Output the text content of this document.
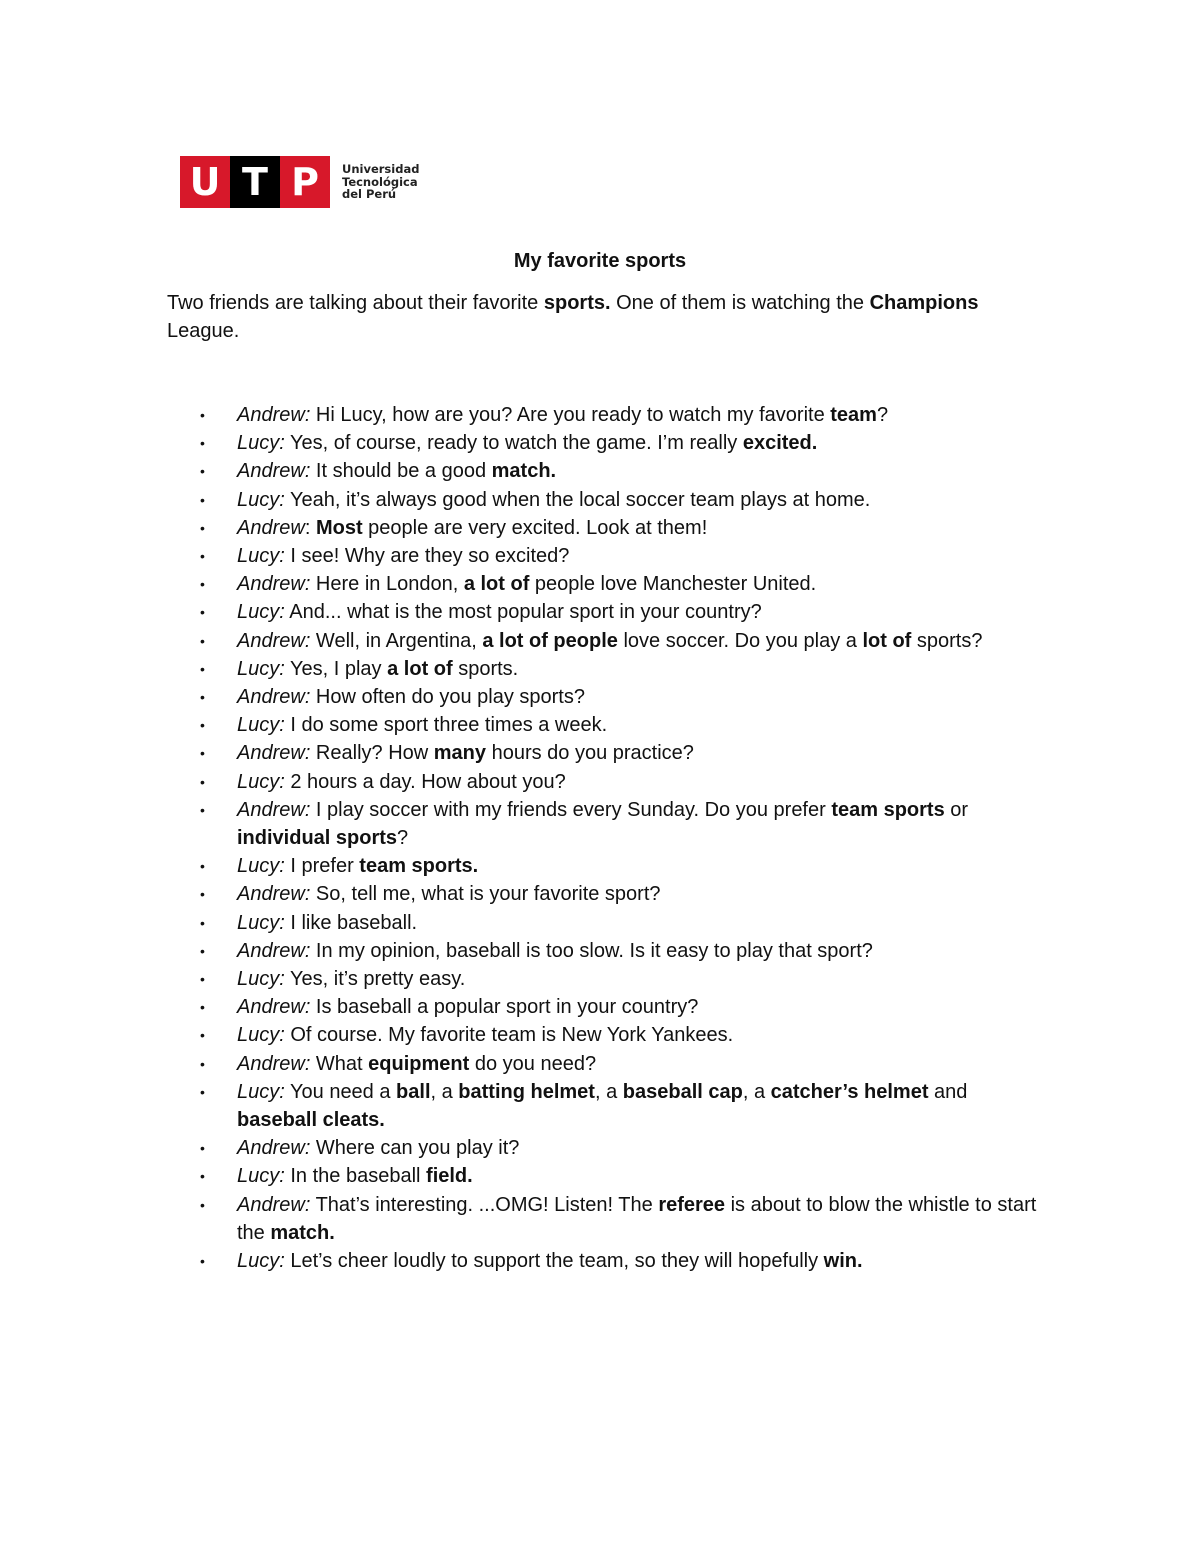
U T P	Universidad
Tecnológica
del Perú
My favorite sports
Two friends are talking about their favorite sports. One of them is watching the Champions League.
• Andrew: Hi Lucy, how are you? Are you ready to watch my favorite team?
• Lucy: Yes, of course, ready to watch the game. I’m really excited.
• Andrew: It should be a good match.
• Lucy: Yeah, it’s always good when the local soccer team plays at home.
• Andrew: Most people are very excited. Look at them!
• Lucy: I see! Why are they so excited?
• Andrew: Here in London, a lot of people love Manchester United.
• Lucy: And... what is the most popular sport in your country?
• Andrew: Well, in Argentina, a lot of people love soccer. Do you play a lot of sports?
• Lucy: Yes, I play a lot of sports.
• Andrew: How often do you play sports?
• Lucy: I do some sport three times a week.
• Andrew: Really? How many hours do you practice?
• Lucy: 2 hours a day. How about you?
• Andrew: I play soccer with my friends every Sunday. Do you prefer team sports or individual sports?
• Lucy: I prefer team sports.
• Andrew: So, tell me, what is your favorite sport?
• Lucy: I like baseball.
• Andrew: In my opinion, baseball is too slow. Is it easy to play that sport?
• Lucy: Yes, it’s pretty easy.
• Andrew: Is baseball a popular sport in your country?
• Lucy: Of course. My favorite team is New York Yankees.
• Andrew: What equipment do you need?
• Lucy: You need a ball, a batting helmet, a baseball cap, a catcher’s helmet and baseball cleats.
• Andrew: Where can you play it?
• Lucy: In the baseball field.
• Andrew: That’s interesting. ...OMG! Listen! The referee is about to blow the whistle to start the match.
• Lucy: Let’s cheer loudly to support the team, so they will hopefully win.
